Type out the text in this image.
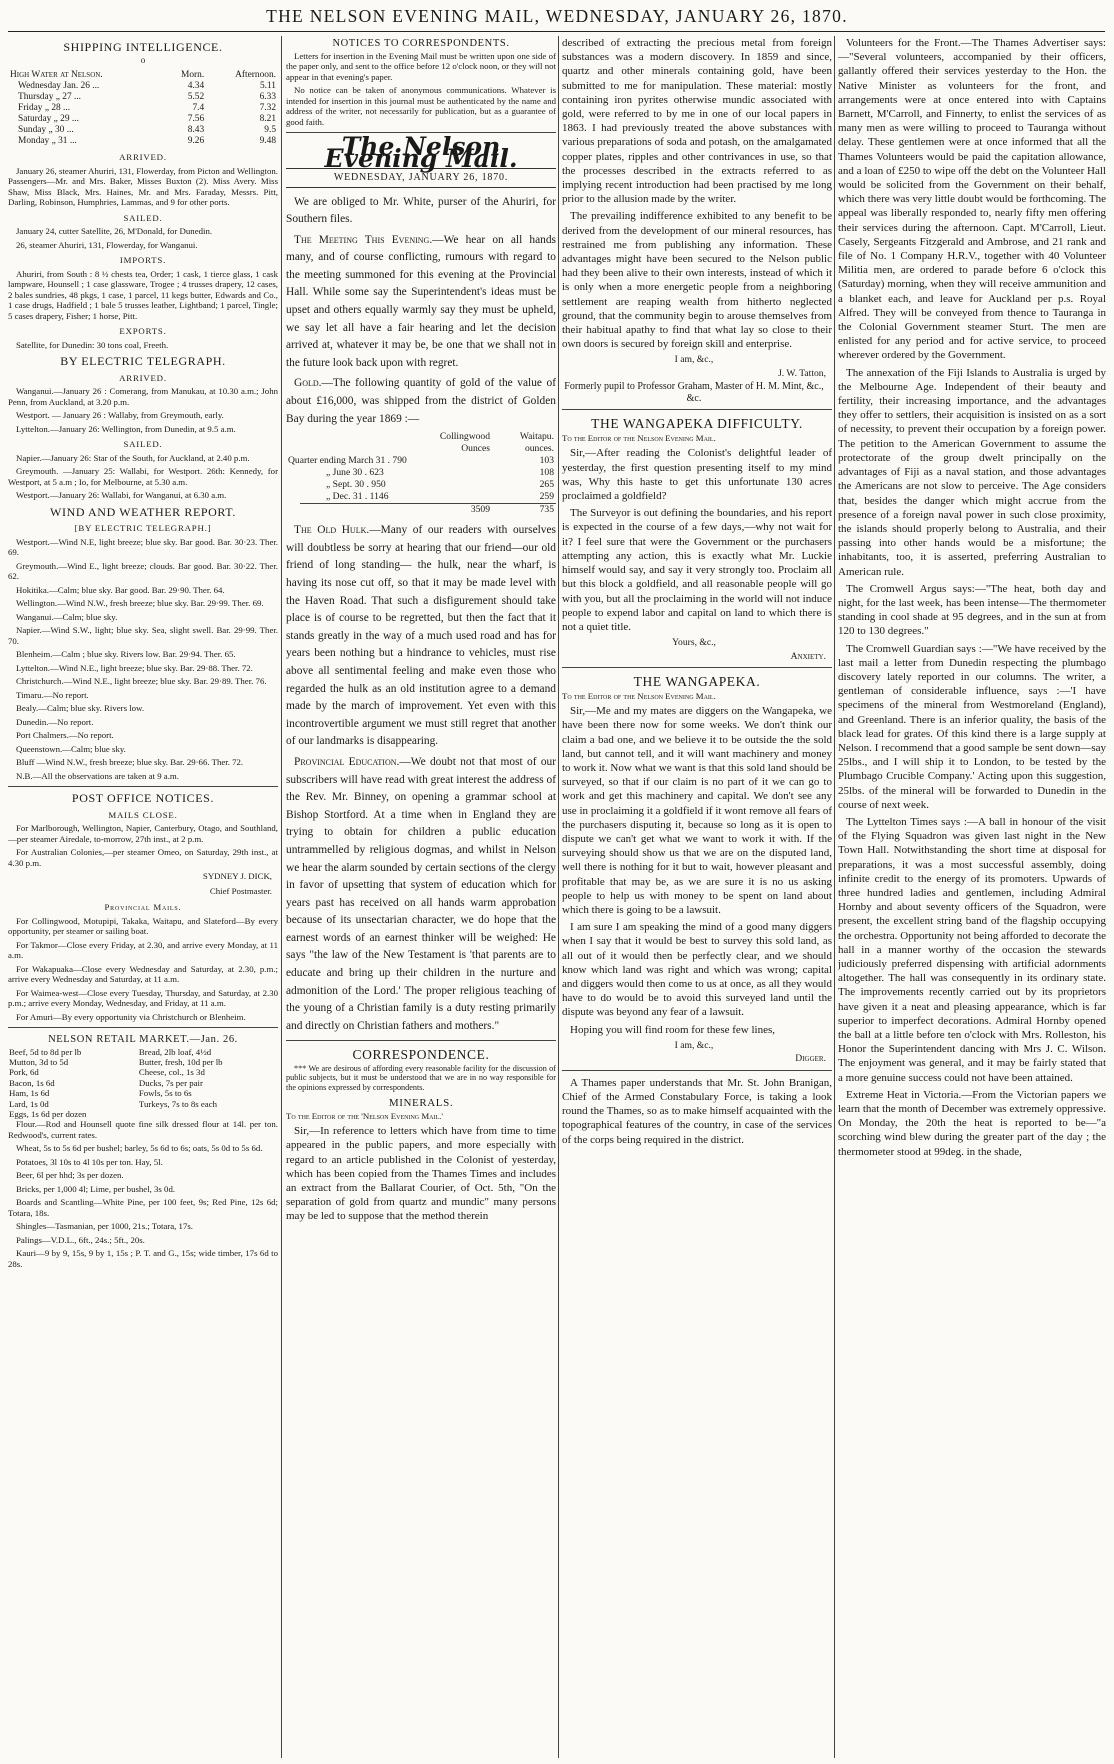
THE NELSON EVENING MAIL, WEDNESDAY, JANUARY 26, 1870.
SHIPPING INTELLIGENCE.
o
High Water at Nelson.	Morn.	Afternoon.
Wednesday Jan. 26 ...	4.34	5.11
Thursday „ 27 ...	5.52	6.33
Friday „ 28 ...	7.4	7.32
Saturday „ 29 ...	7.56	8.21
Sunday „ 30 ...	8.43	9.5
Monday „ 31 ...	9.26	9.48
ARRIVED.

January 26, steamer Ahuriri, 131, Flowerday, from Picton and Wellington. Passengers—Mr. and Mrs. Baker, Misses Buxton (2). Miss Avery. Miss Shaw, Miss Black, Mrs. Haines, Mr. and Mrs. Faraday, Messrs. Pitt, Darling, Robinson, Humphries, Lammas, and 9 for other ports.

SAILED.

January 24, cutter Satellite, 26, M'Donald, for Dunedin.

26, steamer Ahuriri, 131, Flowerday, for Wanganui.

IMPORTS.

Ahuriri, from South : 8 ½ chests tea, Order; 1 cask, 1 tierce glass, 1 cask lampware, Hounsell ; 1 case glassware, Trogee ; 4 trusses drapery, 12 cases, 2 bales sundries, 48 pkgs, 1 case, 1 parcel, 11 kegs butter, Edwards and Co., 1 case drugs, Hadfield ; 1 bale 5 trusses leather, Lightband; 1 parcel, Tingle; 5 cases drapery, Fisher; 1 horse, Pitt.

EXPORTS.

Satellite, for Dunedin: 30 tons coal, Freeth.

BY ELECTRIC TELEGRAPH.
ARRIVED.

Wanganui.—January 26 : Comerang, from Manukau, at 10.30 a.m.; John Penn, from Auckland, at 3.20 p.m.

Westport. — January 26 : Wallaby, from Greymouth, early.

Lyttelton.—January 26: Wellington, from Dunedin, at 9.5 a.m.

SAILED.

Napier.—January 26: Star of the South, for Auckland, at 2.40 p.m.

Greymouth. —January 25: Wallabi, for Westport. 26th: Kennedy, for Westport, at 5 a.m ; Io, for Melbourne, at 5.30 a.m.

Westport.—January 26: Wallabi, for Wanganui, at 6.30 a.m.

WIND AND WEATHER REPORT.
[BY ELECTRIC TELEGRAPH.]

Westport.—Wind N.E, light breeze; blue sky. Bar good. Bar. 30·23. Ther. 69.

Greymouth.—Wind E., light breeze; clouds. Bar good. Bar. 30·22. Ther. 62.

Hokitika.—Calm; blue sky. Bar good. Bar. 29·90. Ther. 64.

Wellington.—Wind N.W., fresh breeze; blue sky. Bar. 29·99. Ther. 69.

Wanganui.—Calm; blue sky.

Napier.—Wind S.W., light; blue sky. Sea, slight swell. Bar. 29·99. Ther. 70.

Blenheim.—Calm ; blue sky. Rivers low. Bar. 29·94. Ther. 65.

Lyttelton.—Wind N.E., light breeze; blue sky. Bar. 29·88. Ther. 72.

Christchurch.—Wind N.E., light breeze; blue sky. Bar. 29·89. Ther. 76.

Timaru.—No report.

Bealy.—Calm; blue sky. Rivers low.

Dunedin.—No report.

Port Chalmers.—No report.

Queenstown.—Calm; blue sky.

Bluff —Wind N.W., fresh breeze; blue sky. Bar. 29·66. Ther. 72.

N.B.—All the observations are taken at 9 a.m.

POST OFFICE NOTICES.
MAILS CLOSE.

For Marlborough, Wellington, Napier, Canterbury, Otago, and Southland,—per steamer Airedale, to-morrow, 27th inst., at 2 p.m.

For Australian Colonies,—per steamer Omeo, on Saturday, 29th inst., at 4.30 p.m.

SYDNEY J. DICK,
Chief Postmaster.
Provincial Mails.

For Collingwood, Motupipi, Takaka, Waitapu, and Slateford—By every opportunity, per steamer or sailing boat.

For Takmor—Close every Friday, at 2.30, and arrive every Monday, at 11 a.m.

For Wakapuaka—Close every Wednesday and Saturday, at 2.30, p.m.; arrive every Wednesday and Saturday, at 11 a.m.

For Waimea-west—Close every Tuesday, Thursday, and Saturday, at 2.30 p.m.; arrive every Monday, Wednesday, and Friday, at 11 a.m.

For Amuri—By every opportunity via Christchurch or Blenheim.

NELSON RETAIL MARKET.—Jan. 26.
Beef, 5d to 8d per lb	Bread, 2lb loaf, 4½d
Mutton, 3d to 5d	Butter, fresh, 10d per lb
Pork, 6d	Cheese, col., 1s 3d
Bacon, 1s 6d	Ducks, 7s per pair
Ham, 1s 6d	Fowls, 5s to 6s
Lard, 1s 0d	Turkeys, 7s to 8s each
Eggs, 1s 6d per dozen	

Flour.—Rod and Hounsell quote fine silk dressed flour at 14l. per ton. Redwood's, current rates.

Wheat, 5s to 5s 6d per bushel; barley, 5s 6d to 6s; oats, 5s 0d to 5s 6d.

Potatoes, 3l 10s to 4l 10s per ton. Hay, 5l.

Beer, 6l per hhd; 3s per dozen.

Bricks, per 1,000 4l; Lime, per bushel, 3s 0d.

Boards and Scantling—White Pine, per 100 feet, 9s; Red Pine, 12s 6d; Totara, 18s.

Shingles—Tasmanian, per 1000, 21s.; Totara, 17s.

Palings—V.D.L., 6ft., 24s.; 5ft., 20s.

Kauri—9 by 9, 15s, 9 by 1, 15s ; P. T. and G., 15s; wide timber, 17s 6d to 28s.

NOTICES TO CORRESPONDENTS.

Letters for insertion in the Evening Mail must be written upon one side of the paper only, and sent to the office before 12 o'clock noon, or they will not appear in that evening's paper.

No notice can be taken of anonymous communications. Whatever is intended for insertion in this journal must be authenticated by the name and address of the writer, not necessarily for publication, but as a guarantee of good faith.

The Nelson Evening Mail.
WEDNESDAY, JANUARY 26, 1870.

We are obliged to Mr. White, purser of the Ahuriri, for Southern files.

The Meeting This Evening.—We hear on all hands many, and of course conflicting, rumours with regard to the meeting summoned for this evening at the Provincial Hall. While some say the Superintendent's ideas must be upset and others equally warmly say they must be upheld, we say let all have a fair hearing and let the decision arrived at, whatever it may be, be one that we shall not in the future look back upon with regret.

Gold.—The following quantity of gold of the value of about £16,000, was shipped from the district of Golden Bay during the year 1869 :—

	Collingwood	Waitapu.
	Ounces	ounces.
Quarter ending March 31 . 790		103
„ June 30 . 623		108
„ Sept. 30 . 950		265
„ Dec. 31 . 1146		259
	3509	735

The Old Hulk.—Many of our readers with ourselves will doubtless be sorry at hearing that our friend—our old friend of long standing— the hulk, near the wharf, is having its nose cut off, so that it may be made level with the Haven Road. That such a disfigurement should take place is of course to be regretted, but then the fact that it stands greatly in the way of a much used road and has for years been nothing but a hindrance to vehicles, must rise above all sentimental feeling and make even those who regarded the hulk as an old institution agree to a demand made by the march of improvement. Yet even with this incontrovertible argument we must still regret that another of our landmarks is disappearing.

Provincial Education.—We doubt not that most of our subscribers will have read with great interest the address of the Rev. Mr. Binney, on opening a grammar school at Bishop Stortford. At a time when in England they are trying to obtain for children a public education untrammelled by religious dogmas, and whilst in Nelson we hear the alarm sounded by certain sections of the clergy in favor of upsetting that system of education which for years past has received on all hands warm approbation because of its unsectarian character, we do hope that the earnest words of an earnest thinker will be weighed: He says "the law of the New Testament is 'that parents are to educate and bring up their children in the nurture and admonition of the Lord.' The proper religious teaching of the young of a Christian family is a duty resting primarily and directly on Christian fathers and mothers."

CORRESPONDENCE.

*** We are desirous of affording every reasonable facility for the discussion of public subjects, but it must be understood that we are in no way responsible for the opinions expressed by correspondents.

MINERALS.

To the Editor of the 'Nelson Evening Mail.'

Sir,—In reference to letters which have from time to time appeared in the public papers, and more especially with regard to an article published in the Colonist of yesterday, which has been copied from the Thames Times and includes an extract from the Ballarat Courier, of Oct. 5th, "On the separation of gold from quartz and mundic" many persons may be led to suppose that the method therein

described of extracting the precious metal from foreign substances was a modern discovery. In 1859 and since, quartz and other minerals containing gold, have been submitted to me for manipulation. These material: mostly containing iron pyrites otherwise mundic associated with gold, were referred to by me in one of our local papers in 1863. I had previously treated the above substances with various preparations of soda and potash, on the amalgamated copper plates, ripples and other contrivances in use, so that the processes described in the extracts referred to as implying recent introduction had been practised by me long prior to the allusion made by the writer.

The prevailing indifference exhibited to any benefit to be derived from the development of our mineral resources, has restrained me from publishing any information. These advantages might have been secured to the Nelson public had they been alive to their own interests, instead of which it is only when a more energetic people from a neighboring settlement are reaping wealth from hitherto neglected ground, that the community begin to arouse themselves from their habitual apathy to find that what lay so close to their own doors is secured by foreign skill and enterprise.

I am, &c.,
J. W. Tatton,
Formerly pupil to Professor Graham, Master of H. M. Mint, &c., &c.
THE WANGAPEKA DIFFICULTY.

To the Editor of the Nelson Evening Mail.

Sir,—After reading the Colonist's delightful leader of yesterday, the first question presenting itself to my mind was, Why this haste to get this unfortunate 130 acres proclaimed a goldfield?

The Surveyor is out defining the boundaries, and his report is expected in the course of a few days,—why not wait for it? I feel sure that were the Government or the purchasers attempting any action, this is exactly what Mr. Luckie himself would say, and say it very strongly too. Proclaim all but this block a goldfield, and all reasonable people will go with you, but all the proclaiming in the world will not induce people to expend labor and capital on land to which there is not a quiet title.

Yours, &c.,
Anxiety.
THE WANGAPEKA.

To the Editor of the Nelson Evening Mail.

Sir,—Me and my mates are diggers on the Wangapeka, we have been there now for some weeks. We don't think our claim a bad one, and we believe it to be outside the the sold land, but cannot tell, and it will want machinery and money to work it. Now what we want is that this sold land should be surveyed, so that if our claim is no part of it we can go to work and get this machinery and capital. We don't see any use in proclaiming it a goldfield if it wont remove all fears of the purchasers disputing it, because so long as it is open to dispute we can't get what we want to work it with. If the surveying should show us that we are on the disputed land, well there is nothing for it but to wait, however pleasant and profitable that may be, as we are sure it is no us asking people to help us with money to be spent on land about which there is going to be a lawsuit.

I am sure I am speaking the mind of a good many diggers when I say that it would be best to survey this sold land, as all out of it would then be perfectly clear, and we should know which land was right and which was wrong; capital and diggers would then come to us at once, as all they would have to do would be to avoid this surveyed land until the dispute was beyond any fear of a lawsuit.

Hoping you will find room for these few lines,

I am, &c.,
Digger.

A Thames paper understands that Mr. St. John Branigan, Chief of the Armed Constabulary Force, is taking a look round the Thames, so as to make himself acquainted with the topographical features of the country, in case of the services of the corps being required in the district.

Volunteers for the Front.—The Thames Advertiser says:—"Several volunteers, accompanied by their officers, gallantly offered their services yesterday to the Hon. the Native Minister as volunteers for the front, and arrangements were at once entered into with Captains Barnett, M'Carroll, and Finnerty, to enlist the services of as many men as were willing to proceed to Tauranga without delay. These gentlemen were at once informed that all the Thames Volunteers would be paid the capitation allowance, and a loan of £250 to wipe off the debt on the Volunteer Hall would be solicited from the Government on their behalf, which there was very little doubt would be forthcoming. The appeal was liberally responded to, nearly fifty men offering their services during the afternoon. Capt. M'Carroll, Lieut. Casely, Sergeants Fitzgerald and Ambrose, and 21 rank and file of No. 1 Company H.R.V., together with 40 Volunteer Militia men, are ordered to parade before 6 o'clock this (Saturday) morning, when they will receive ammunition and a blanket each, and leave for Auckland per p.s. Royal Alfred. They will be conveyed from thence to Tauranga in the Colonial Government steamer Sturt. The men are enlisted for any period and for active service, to proceed wherever ordered by the Government.

The annexation of the Fiji Islands to Australia is urged by the Melbourne Age. Independent of their beauty and fertility, their increasing importance, and the advantages they offer to settlers, their acquisition is insisted on as a sort of necessity, to prevent their occupation by a foreign power. The petition to the American Government to assume the protectorate of the group dwelt principally on the advantages of Fiji as a naval station, and those advantages the Americans are not slow to perceive. The Age considers that, besides the danger which might accrue from the presence of a foreign naval power in such close proximity, the islands should properly belong to Australia, and their passing into other hands would be a misfortune; the inhabitants, too, it is asserted, preferring Australian to American rule.

The Cromwell Argus says:—"The heat, both day and night, for the last week, has been intense—The thermometer standing in cool shade at 95 degrees, and in the sun at from 120 to 130 degrees."

The Cromwell Guardian says :—"We have received by the last mail a letter from Dunedin respecting the plumbago discovery lately reported in our columns. The writer, a gentleman of considerable influence, says :—'I have specimens of the mineral from Westmoreland (England), and Greenland. There is an inferior quality, the basis of the black lead for grates. Of this kind there is a large supply at Nelson. I recommend that a good sample be sent down—say 25lbs., and I will ship it to London, to be tested by the Plumbago Crucible Company.' Acting upon this suggestion, 25lbs. of the mineral will be forwarded to Dunedin in the course of next week.

The Lyttelton Times says :—A ball in honour of the visit of the Flying Squadron was given last night in the New Town Hall. Notwithstanding the short time at disposal for preparations, it was a most successful assembly, doing infinite credit to the energy of its promoters. Upwards of three hundred ladies and gentlemen, including Admiral Hornby and about seventy officers of the Squadron, were present, the excellent string band of the flagship occupying the orchestra. Opportunity not being afforded to decorate the hall in a manner worthy of the occasion the stewards judiciously preferred dispensing with artificial adornments altogether. The hall was consequently in its ordinary state. The improvements recently carried out by its proprietors have given it a neat and pleasing appearance, which is far superior to imperfect decorations. Admiral Hornby opened the ball at a little before ten o'clock with Mrs. Rolleston, his Honor the Superintendent dancing with Mrs J. C. Wilson. The enjoyment was general, and it may be fairly stated that a more genuine success could not have been attained.

Extreme Heat in Victoria.—From the Victorian papers we learn that the month of December was extremely oppressive. On Monday, the 20th the heat is reported to be—"a scorching wind blew during the greater part of the day ; the thermometer stood at 99deg. in the shade,
